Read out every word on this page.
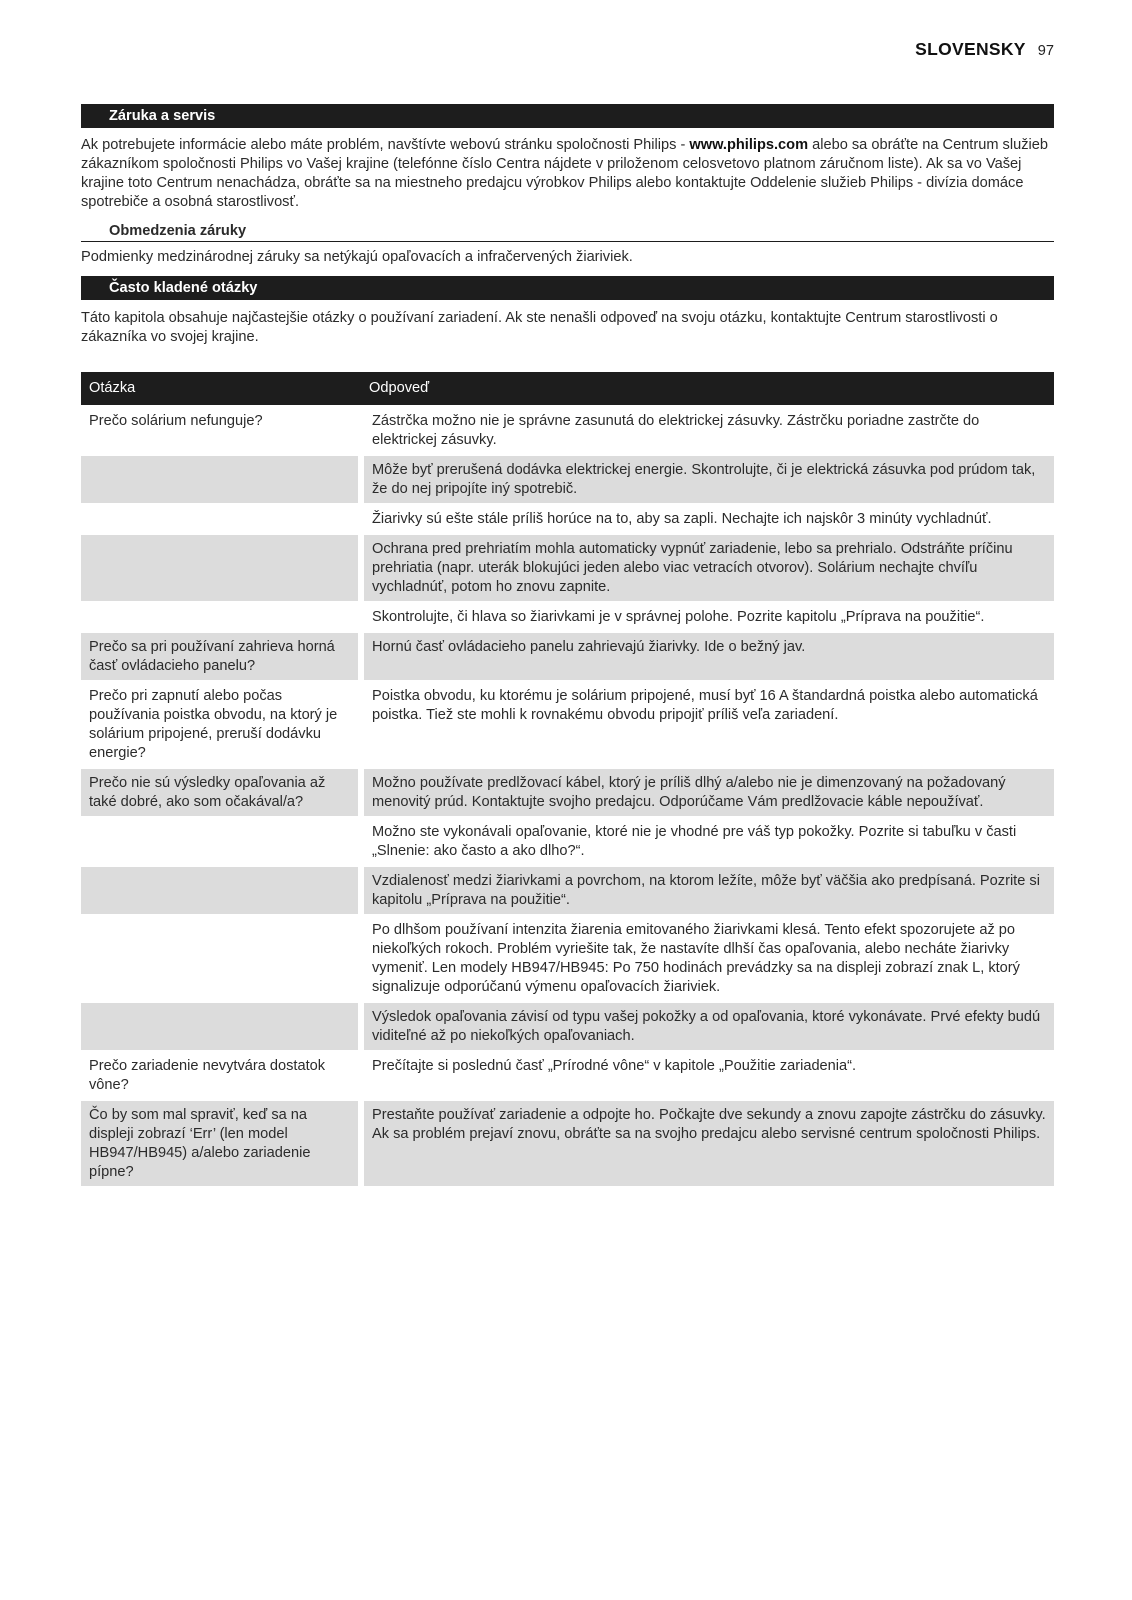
SLOVENSKY 97
Záruka a servis

Ak potrebujete informácie alebo máte problém, navštívte webovú stránku spoločnosti Philips - www.philips.com alebo sa obráťte na Centrum služieb zákazníkom spoločnosti Philips vo Vašej krajine (telefónne číslo Centra nájdete v priloženom celosvetovo platnom záručnom liste). Ak sa vo Vašej krajine toto Centrum nenachádza, obráťte sa na miestneho predajcu výrobkov Philips alebo kontaktujte Oddelenie služieb Philips - divízia domáce spotrebiče a osobná starostlivosť.

Obmedzenia záruky

Podmienky medzinárodnej záruky sa netýkajú opaľovacích a infračervených žiariviek.

Často kladené otázky

Táto kapitola obsahuje najčastejšie otázky o používaní zariadení. Ak ste nenašli odpoveď na svoju otázku, kontaktujte Centrum starostlivosti o zákazníka vo svojej krajine.

Otázka	Odpoveď
Prečo solárium nefunguje?	Zástrčka možno nie je správne zasunutá do elektrickej zásuvky. Zástrčku poriadne zastrčte do elektrickej zásuvky.
	Môže byť prerušená dodávka elektrickej energie. Skontrolujte, či je elektrická zásuvka pod prúdom tak, že do nej pripojíte iný spotrebič.
	Žiarivky sú ešte stále príliš horúce na to, aby sa zapli. Nechajte ich najskôr 3 minúty vychladnúť.
	Ochrana pred prehriatím mohla automaticky vypnúť zariadenie, lebo sa prehrialo. Odstráňte príčinu prehriatia (napr. uterák blokujúci jeden alebo viac vetracích otvorov). Solárium nechajte chvíľu vychladnúť, potom ho znovu zapnite.
	Skontrolujte, či hlava so žiarivkami je v správnej polohe. Pozrite kapitolu „Príprava na použitie“.
Prečo sa pri používaní zahrieva horná časť ovládacieho panelu?	Hornú časť ovládacieho panelu zahrievajú žiarivky. Ide o bežný jav.
Prečo pri zapnutí alebo počas používania poistka obvodu, na ktorý je solárium pripojené, preruší dodávku energie?	Poistka obvodu, ku ktorému je solárium pripojené, musí byť 16 A štandardná poistka alebo automatická poistka. Tiež ste mohli k rovnakému obvodu pripojiť príliš veľa zariadení.
Prečo nie sú výsledky opaľovania až také dobré, ako som očakával/a?	Možno používate predlžovací kábel, ktorý je príliš dlhý a/alebo nie je dimenzovaný na požadovaný menovitý prúd. Kontaktujte svojho predajcu. Odporúčame Vám predlžovacie káble nepoužívať.
	Možno ste vykonávali opaľovanie, ktoré nie je vhodné pre váš typ pokožky. Pozrite si tabuľku v časti „Slnenie: ako často a ako dlho?“.
	Vzdialenosť medzi žiarivkami a povrchom, na ktorom ležíte, môže byť väčšia ako predpísaná. Pozrite si kapitolu „Príprava na použitie“.
	Po dlhšom používaní intenzita žiarenia emitovaného žiarivkami klesá. Tento efekt spozorujete až po niekoľkých rokoch. Problém vyriešite tak, že nastavíte dlhší čas opaľovania, alebo necháte žiarivky vymeniť. Len modely HB947/HB945: Po 750 hodinách prevádzky sa na displeji zobrazí znak L, ktorý signalizuje odporúčanú výmenu opaľovacích žiariviek.
	Výsledok opaľovania závisí od typu vašej pokožky a od opaľovania, ktoré vykonávate. Prvé efekty budú viditeľné až po niekoľkých opaľovaniach.
Prečo zariadenie nevytvára dostatok vône?	Prečítajte si poslednú časť „Prírodné vône“ v kapitole „Použitie zariadenia“.
Čo by som mal spraviť, keď sa na displeji zobrazí ‘Err’ (len model HB947/HB945) a/alebo zariadenie pípne?	Prestaňte používať zariadenie a odpojte ho. Počkajte dve sekundy a znovu zapojte zástrčku do zásuvky. Ak sa problém prejaví znovu, obráťte sa na svojho predajcu alebo servisné centrum spoločnosti Philips.
